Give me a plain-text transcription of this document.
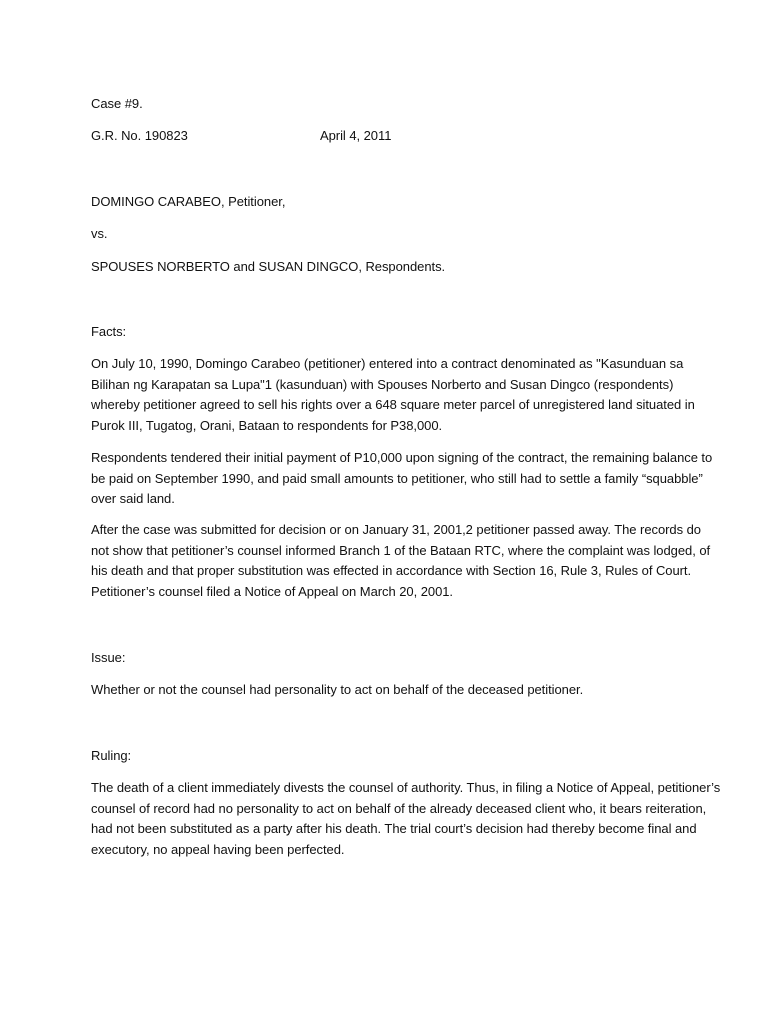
Case #9.
G.R. No. 190823	April 4, 2011
DOMINGO CARABEO, Petitioner,
vs.
SPOUSES NORBERTO and SUSAN DINGCO, Respondents.
Facts:
On July 10, 1990, Domingo Carabeo (petitioner) entered into a contract denominated as "Kasunduan sa Bilihan ng Karapatan sa Lupa"1 (kasunduan) with Spouses Norberto and Susan Dingco (respondents) whereby petitioner agreed to sell his rights over a 648 square meter parcel of unregistered land situated in Purok III, Tugatog, Orani, Bataan to respondents for P38,000.
Respondents tendered their initial payment of P10,000 upon signing of the contract, the remaining balance to be paid on September 1990, and paid small amounts to petitioner, who still had to settle a family “squabble” over said land.
After the case was submitted for decision or on January 31, 2001,2 petitioner passed away. The records do not show that petitioner’s counsel informed Branch 1 of the Bataan RTC, where the complaint was lodged, of his death and that proper substitution was effected in accordance with Section 16, Rule 3, Rules of Court. Petitioner’s counsel filed a Notice of Appeal on March 20, 2001.
Issue:
Whether or not the counsel had personality to act on behalf of the deceased petitioner.
Ruling:
The death of a client immediately divests the counsel of authority. Thus, in filing a Notice of Appeal, petitioner’s counsel of record had no personality to act on behalf of the already deceased client who, it bears reiteration, had not been substituted as a party after his death. The trial court’s decision had thereby become final and executory, no appeal having been perfected.
